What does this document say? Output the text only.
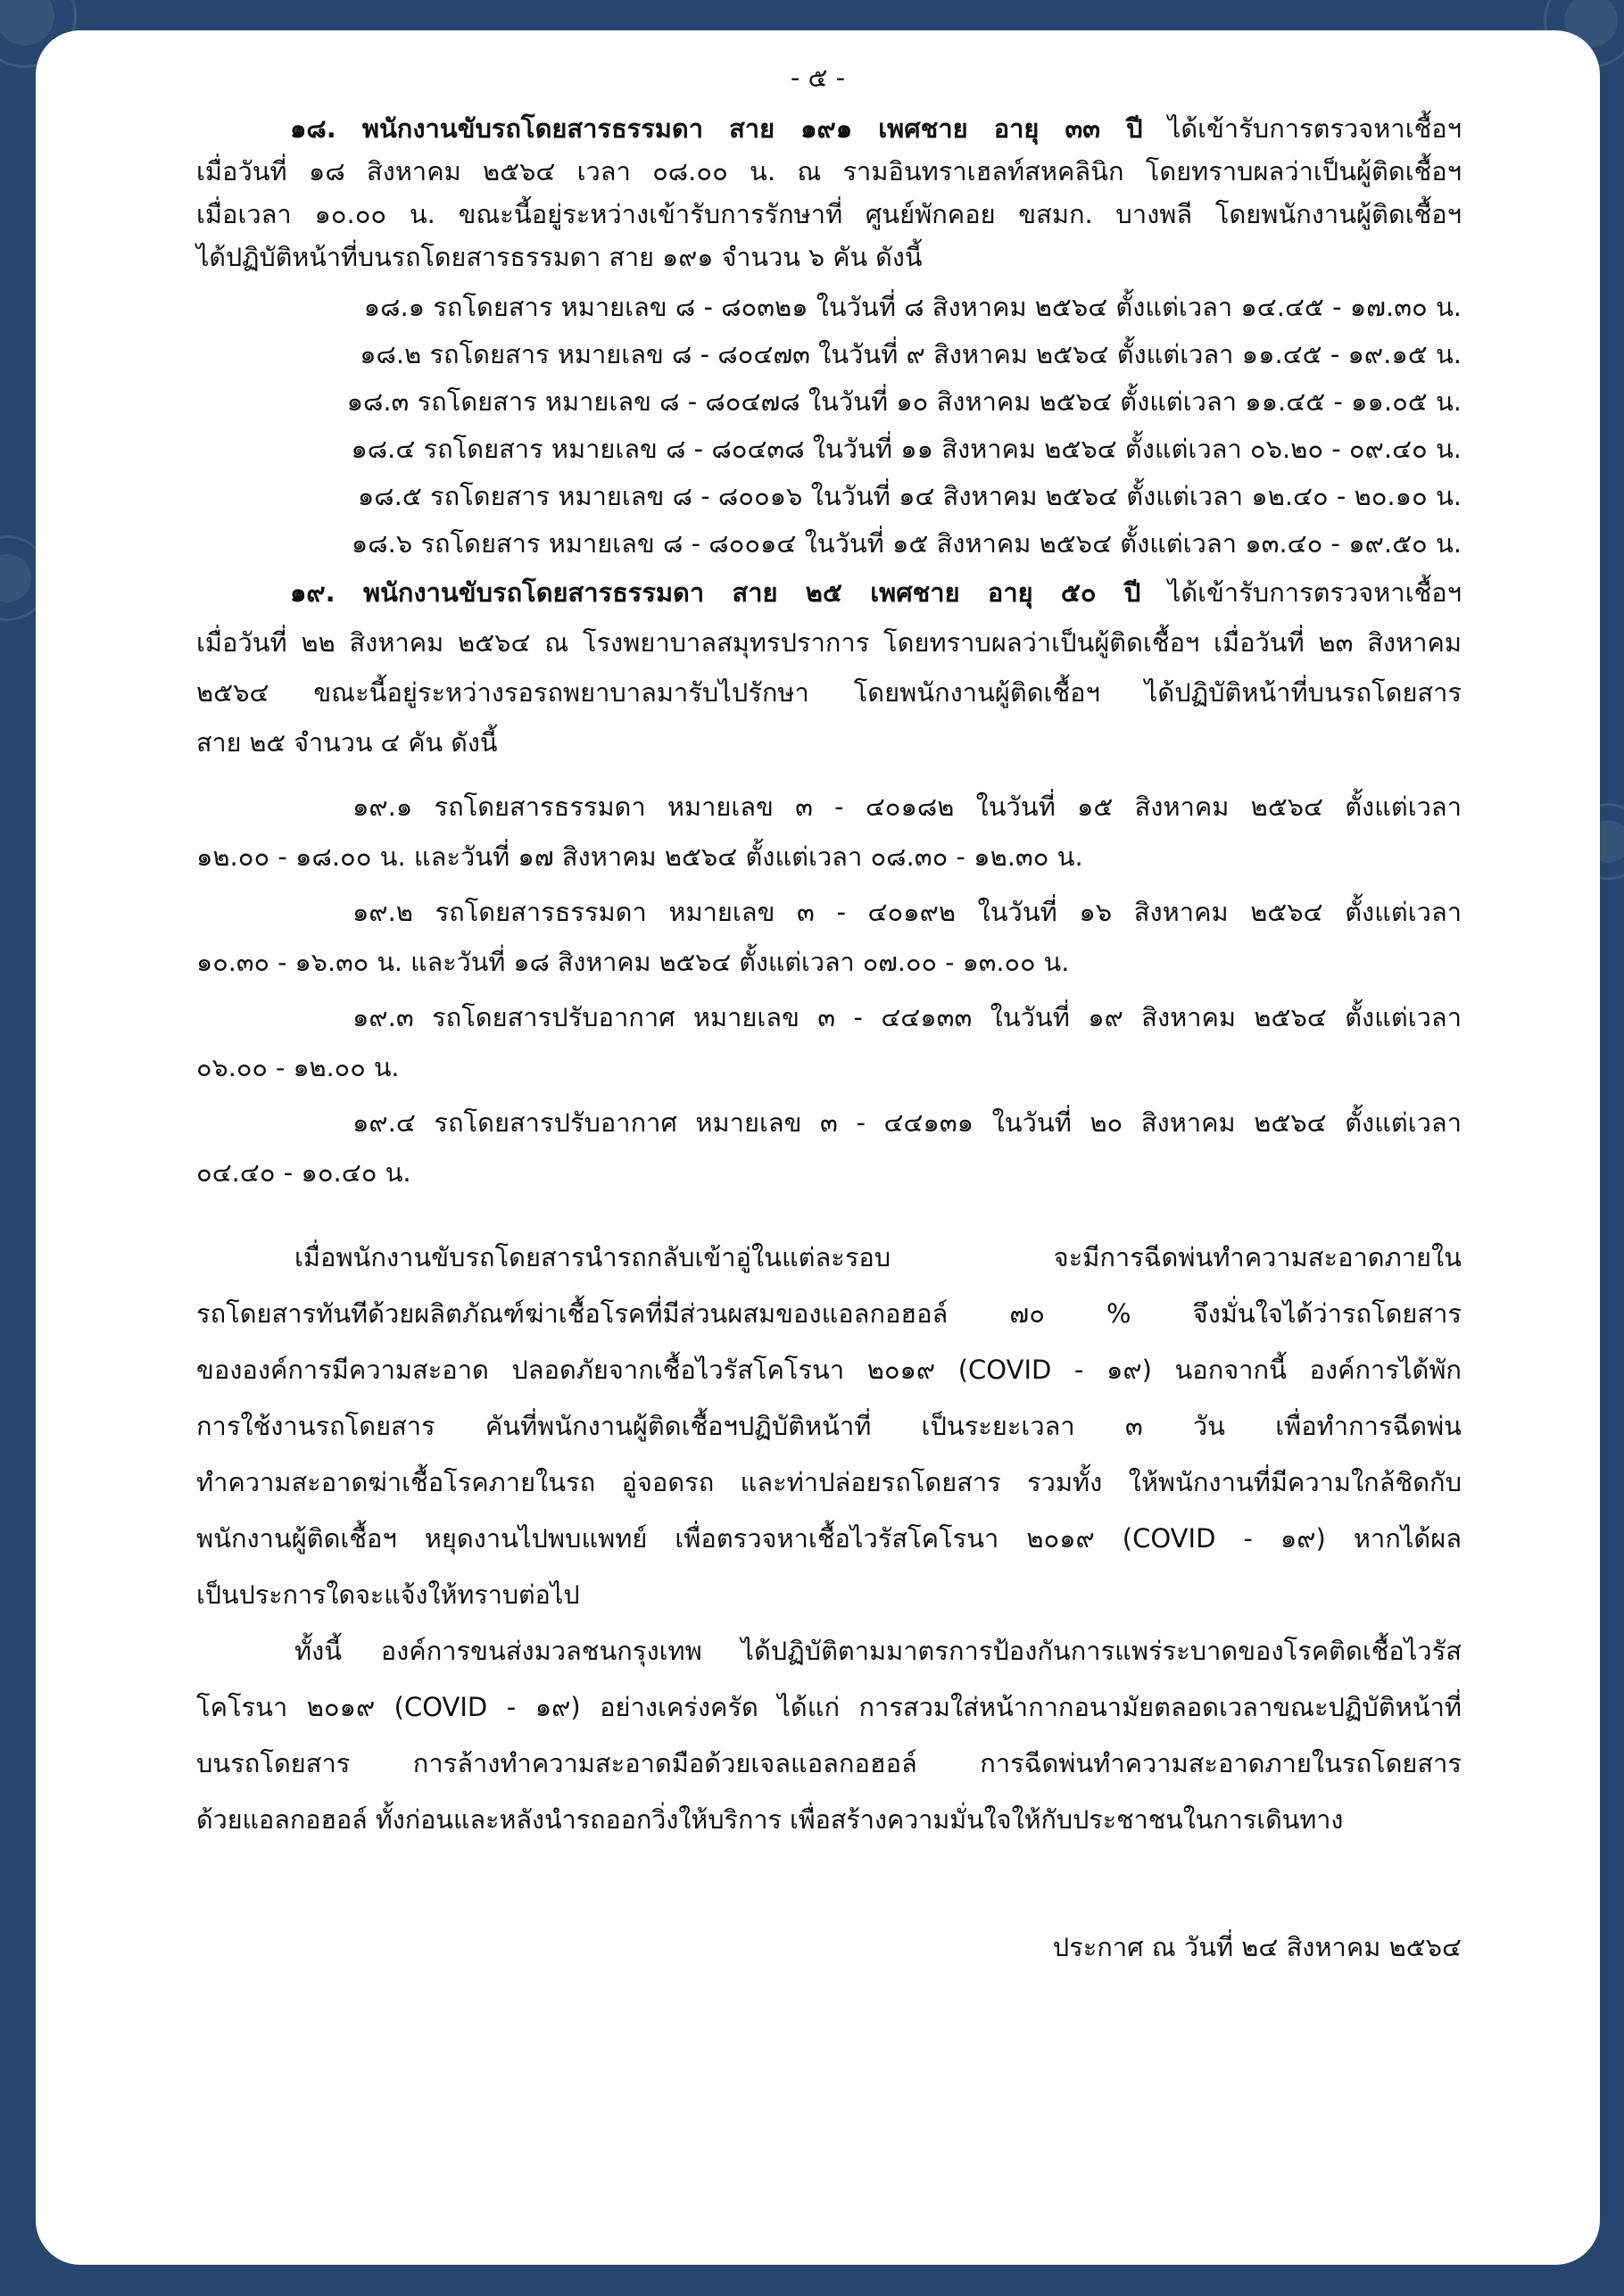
- ๕ -

๑๘. พนักงานขับรถโดยสารธรรมดา สาย ๑๙๑ เพศชาย อายุ ๓๓ ปี ได้เข้ารับการตรวจหาเชื้อฯ

เมื่อวันที่ ๑๘ สิงหาคม ๒๕๖๔ เวลา ๐๘.๐๐ น. ณ รามอินทราเฮลท์สหคลินิก โดยทราบผลว่าเป็นผู้ติดเชื้อฯ

เมื่อเวลา ๑๐.๐๐ น. ขณะนี้อยู่ระหว่างเข้ารับการรักษาที่ ศูนย์พักคอย ขสมก. บางพลี โดยพนักงานผู้ติดเชื้อฯ

ได้ปฏิบัติหน้าที่บนรถโดยสารธรรมดา สาย ๑๙๑ จำนวน ๖ คัน ดังนี้

๑๘.๑ รถโดยสาร หมายเลข ๘ - ๘๐๓๒๑ ในวันที่ ๘ สิงหาคม ๒๕๖๔ ตั้งแต่เวลา ๑๔.๔๕ - ๑๗.๓๐ น.

๑๘.๒ รถโดยสาร หมายเลข ๘ - ๘๐๔๗๓ ในวันที่ ๙ สิงหาคม ๒๕๖๔ ตั้งแต่เวลา ๑๑.๔๕ - ๑๙.๑๕ น.

๑๘.๓ รถโดยสาร หมายเลข ๘ - ๘๐๔๗๘ ในวันที่ ๑๐ สิงหาคม ๒๕๖๔ ตั้งแต่เวลา ๑๑.๔๕ - ๑๑.๐๕ น.

๑๘.๔ รถโดยสาร หมายเลข ๘ - ๘๐๔๓๘ ในวันที่ ๑๑ สิงหาคม ๒๕๖๔ ตั้งแต่เวลา ๐๖.๒๐ - ๐๙.๔๐ น.

๑๘.๕ รถโดยสาร หมายเลข ๘ - ๘๐๐๑๖ ในวันที่ ๑๔ สิงหาคม ๒๕๖๔ ตั้งแต่เวลา ๑๒.๔๐ - ๒๐.๑๐ น.

๑๘.๖ รถโดยสาร หมายเลข ๘ - ๘๐๐๑๔ ในวันที่ ๑๕ สิงหาคม ๒๕๖๔ ตั้งแต่เวลา ๑๓.๔๐ - ๑๙.๕๐ น.

๑๙. พนักงานขับรถโดยสารธรรมดา สาย ๒๕ เพศชาย อายุ ๕๐ ปี ได้เข้ารับการตรวจหาเชื้อฯ

เมื่อวันที่ ๒๒ สิงหาคม ๒๕๖๔ ณ โรงพยาบาลสมุทรปราการ โดยทราบผลว่าเป็นผู้ติดเชื้อฯ เมื่อวันที่ ๒๓ สิงหาคม

๒๕๖๔ ขณะนี้อยู่ระหว่างรอรถพยาบาลมารับไปรักษา โดยพนักงานผู้ติดเชื้อฯ ได้ปฏิบัติหน้าที่บนรถโดยสาร

สาย ๒๕ จำนวน ๔ คัน ดังนี้

๑๙.๑ รถโดยสารธรรมดา หมายเลข ๓ - ๔๐๑๘๒ ในวันที่ ๑๕ สิงหาคม ๒๕๖๔ ตั้งแต่เวลา

๑๒.๐๐ - ๑๘.๐๐ น. และวันที่ ๑๗ สิงหาคม ๒๕๖๔ ตั้งแต่เวลา ๐๘.๓๐ - ๑๒.๓๐ น.

๑๙.๒ รถโดยสารธรรมดา หมายเลข ๓ - ๔๐๑๙๒ ในวันที่ ๑๖ สิงหาคม ๒๕๖๔ ตั้งแต่เวลา

๑๐.๓๐ - ๑๖.๓๐ น. และวันที่ ๑๘ สิงหาคม ๒๕๖๔ ตั้งแต่เวลา ๐๗.๐๐ - ๑๓.๐๐ น.

๑๙.๓ รถโดยสารปรับอากาศ หมายเลข ๓ - ๔๔๑๓๓ ในวันที่ ๑๙ สิงหาคม ๒๕๖๔ ตั้งแต่เวลา

๐๖.๐๐ - ๑๒.๐๐ น.

๑๙.๔ รถโดยสารปรับอากาศ หมายเลข ๓ - ๔๔๑๓๑ ในวันที่ ๒๐ สิงหาคม ๒๕๖๔ ตั้งแต่เวลา

๐๔.๔๐ - ๑๐.๔๐ น.

เมื่อพนักงานขับรถโดยสารนำรถกลับเข้าอู่ในแต่ละรอบ จะมีการฉีดพ่นทำความสะอาดภายใน

รถโดยสารทันทีด้วยผลิตภัณฑ์ฆ่าเชื้อโรคที่มีส่วนผสมของแอลกอฮอล์ ๗๐ % จึงมั่นใจได้ว่ารถโดยสาร

ขององค์การมีความสะอาด ปลอดภัยจากเชื้อไวรัสโคโรนา ๒๐๑๙ (COVID - ๑๙) นอกจากนี้ องค์การได้พัก

การใช้งานรถโดยสาร คันที่พนักงานผู้ติดเชื้อฯปฏิบัติหน้าที่ เป็นระยะเวลา ๓ วัน เพื่อทำการฉีดพ่น

ทำความสะอาดฆ่าเชื้อโรคภายในรถ อู่จอดรถ และท่าปล่อยรถโดยสาร รวมทั้ง ให้พนักงานที่มีความใกล้ชิดกับ

พนักงานผู้ติดเชื้อฯ หยุดงานไปพบแพทย์ เพื่อตรวจหาเชื้อไวรัสโคโรนา ๒๐๑๙ (COVID - ๑๙) หากได้ผล

เป็นประการใดจะแจ้งให้ทราบต่อไป

ทั้งนี้ องค์การขนส่งมวลชนกรุงเทพ ได้ปฏิบัติตามมาตรการป้องกันการแพร่ระบาดของโรคติดเชื้อไวรัส

โคโรนา ๒๐๑๙ (COVID - ๑๙) อย่างเคร่งครัด ได้แก่ การสวมใส่หน้ากากอนามัยตลอดเวลาขณะปฏิบัติหน้าที่

บนรถโดยสาร การล้างทำความสะอาดมือด้วยเจลแอลกอฮอล์ การฉีดพ่นทำความสะอาดภายในรถโดยสาร

ด้วยแอลกอฮอล์ ทั้งก่อนและหลังนำรถออกวิ่งให้บริการ เพื่อสร้างความมั่นใจให้กับประชาชนในการเดินทาง

ประกาศ ณ วันที่ ๒๔ สิงหาคม ๒๕๖๔
